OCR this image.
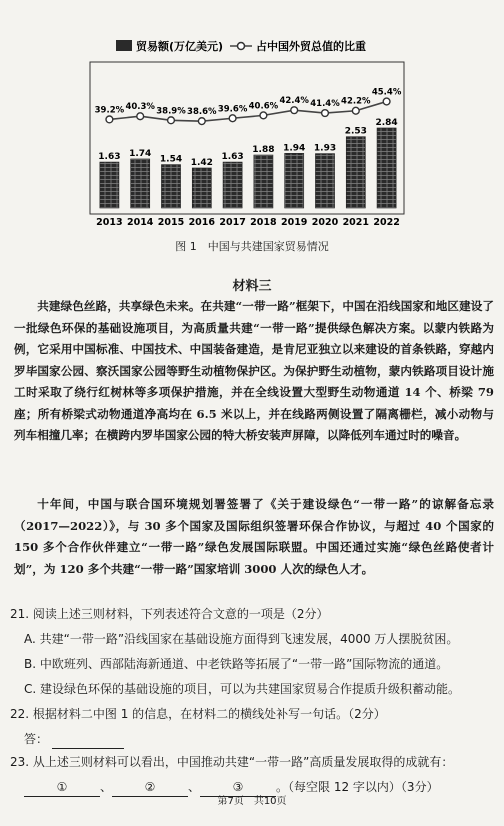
贸易额(万亿美元)	占中国外贸总值的比重
1.63 1.74
1.54 1.42
1.63
1.88 1.94 1.93
2.53
2.84
39.2% 40.3% 38.9% 38.6% 39.6% 40.6%
42.4% 41.4% 42.2%
45.4%
2013 2014 2015 2016 2017 2018 2019 2020 2021 2022
图 1　中国与共建国家贸易情况
材料三

共建绿色丝路，共享绿色未来。在共建“一带一路”框架下，中国在沿线国家和地区建设了一批绿色环保的基础设施项目，为高质量共建“一带一路”提供绿色解决方案。以蒙内铁路为例，它采用中国标准、中国技术、中国装备建造，是肯尼亚独立以来建设的首条铁路，穿越内罗毕国家公园、察沃国家公园等野生动植物保护区。为保护野生动植物，蒙内铁路项目设计施工时采取了绕行红树林等多项保护措施，并在全线设置大型野生动物通道 14 个、桥梁 79 座；所有桥梁式动物通道净高均在 6.5 米以上，并在线路两侧设置了隔离栅栏，减小动物与列车相撞几率；在横跨内罗毕国家公园的特大桥安装声屏障，以降低列车通过时的噪音。

十年间，中国与联合国环境规划署签署了《关于建设绿色“一带一路”的谅解备忘录（2017—2022）》，与 30 多个国家及国际组织签署环保合作协议，与超过 40 个国家的 150 多个合作伙伴建立“一带一路”绿色发展国际联盟。中国还通过实施“绿色丝路使者计划”，为 120 多个共建“一带一路”国家培训 3000 人次的绿色人才。

21. 阅读上述三则材料，下列表述符合文意的一项是（2分）
A. 共建“一带一路”沿线国家在基础设施方面得到飞速发展，4000 万人摆脱贫困。
B. 中欧班列、西部陆海新通道、中老铁路等拓展了“一带一路”国际物流的通道。
C. 建设绿色环保的基础设施的项目，可以为共建国家贸易合作提质升级积蓄动能。
22. 根据材料二中图 1 的信息，在材料二的横线处补写一句话。（2分）
答：
23. 从上述三则材料可以看出，中国推动共建“一带一路”高质量发展取得的成就有：
①	、	②	、	③	。（每空限 12 字以内）（3分）
第7页　共10页
